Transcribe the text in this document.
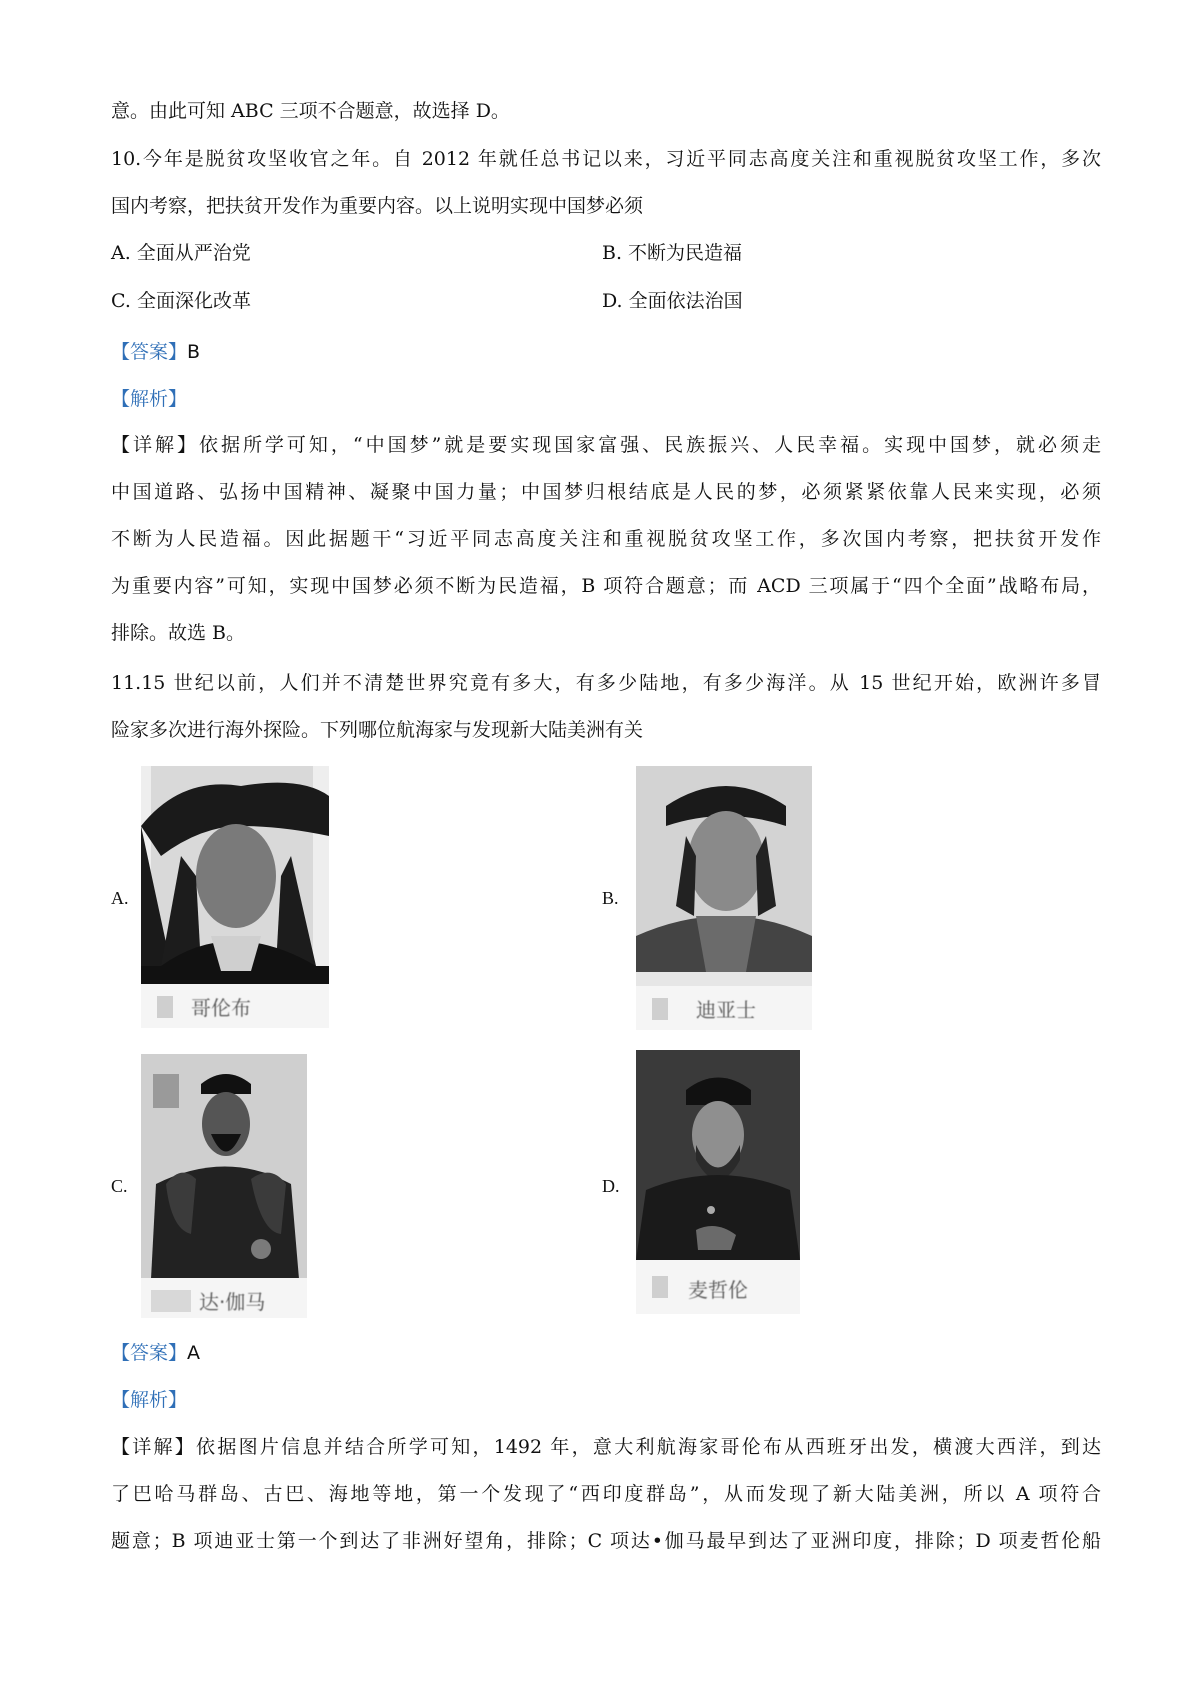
意。由此可知 ABC 三项不合题意，故选择 D。
10.今年是脱贫攻坚收官之年。自 2012 年就任总书记以来，习近平同志高度关注和重视脱贫攻坚工作，多次
国内考察，把扶贫开发作为重要内容。以上说明实现中国梦必须
A. 全面从严治党	B. 不断为民造福
C. 全面深化改革	D. 全面依法治国
【答案】B
【解析】
【详解】依据所学可知，“中国梦”就是要实现国家富强、民族振兴、人民幸福。实现中国梦，就必须走
中国道路、弘扬中国精神、凝聚中国力量；中国梦归根结底是人民的梦，必须紧紧依靠人民来实现，必须
不断为人民造福。因此据题干“习近平同志高度关注和重视脱贫攻坚工作，多次国内考察，把扶贫开发作
为重要内容”可知，实现中国梦必须不断为民造福，B 项符合题意；而 ACD 三项属于“四个全面”战略布局，
排除。故选 B。
11.15 世纪以前，人们并不清楚世界究竟有多大，有多少陆地，有多少海洋。从 15 世纪开始，欧洲许多冒
险家多次进行海外探险。下列哪位航海家与发现新大陆美洲有关
A.
哥伦布
B.
迪亚士
C.
达·伽马
D.
麦哲伦
【答案】A
【解析】
【详解】依据图片信息并结合所学可知，1492 年，意大利航海家哥伦布从西班牙出发，横渡大西洋，到达
了巴哈马群岛、古巴、海地等地，第一个发现了“西印度群岛”，从而发现了新大陆美洲，所以 A 项符合
题意；B 项迪亚士第一个到达了非洲好望角，排除；C 项达•伽马最早到达了亚洲印度，排除；D 项麦哲伦船
